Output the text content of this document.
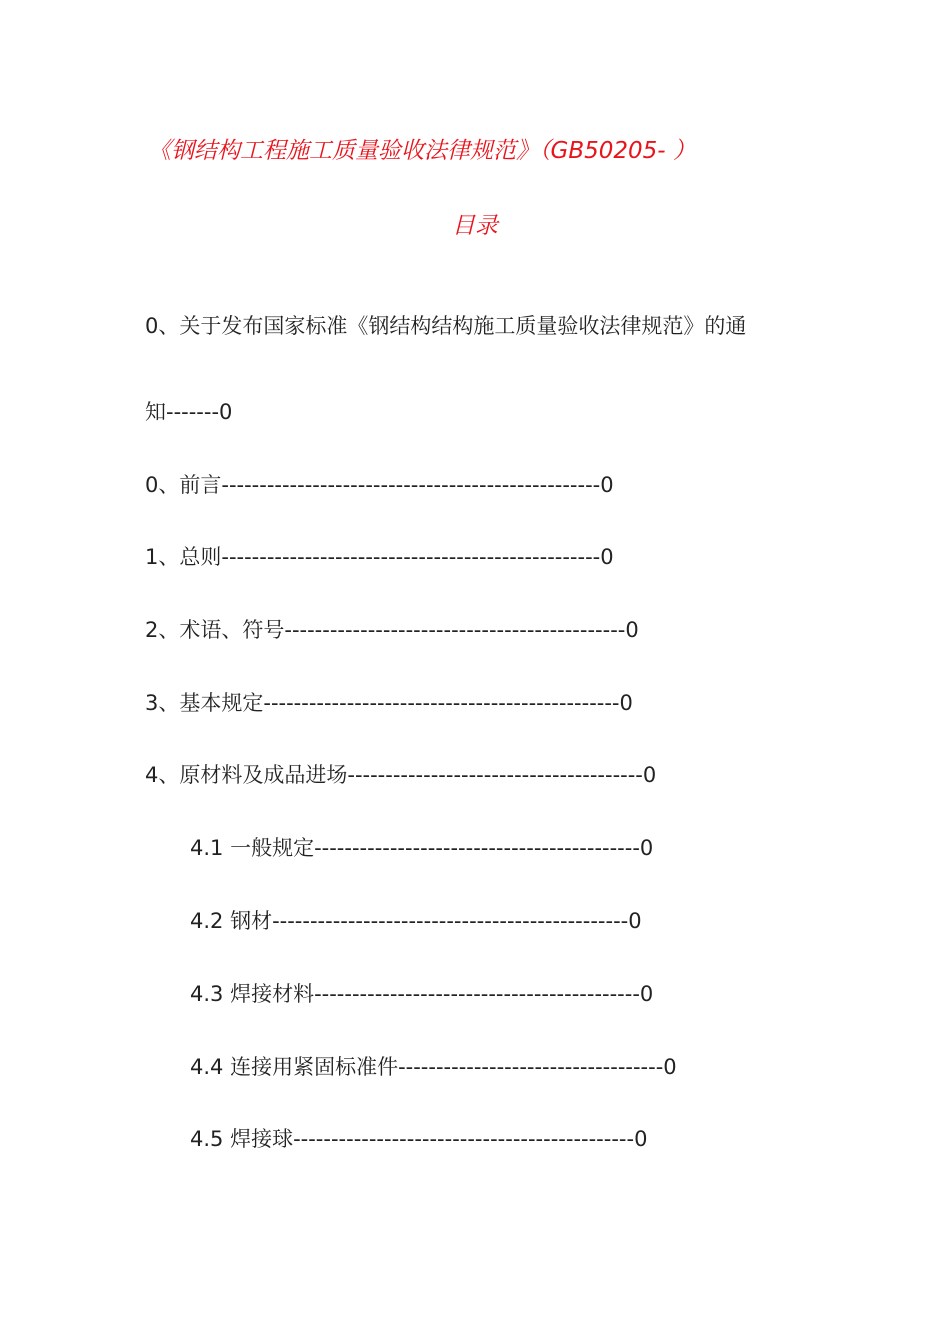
《钢结构工程施工质量验收法律规范》（GB50205- ）
目录
0、关于发布国家标准《钢结构结构施工质量验收法律规范》的通
知-------0
0、前言--------------------------------------------------0
1、总则--------------------------------------------------0
2、术语、符号---------------------------------------------0
3、基本规定-----------------------------------------------0
4、原材料及成品进场---------------------------------------0
4.1 一般规定-------------------------------------------0
4.2 钢材-----------------------------------------------0
4.3 焊接材料-------------------------------------------0
4.4 连接用紧固标准件-----------------------------------0
4.5 焊接球---------------------------------------------0
